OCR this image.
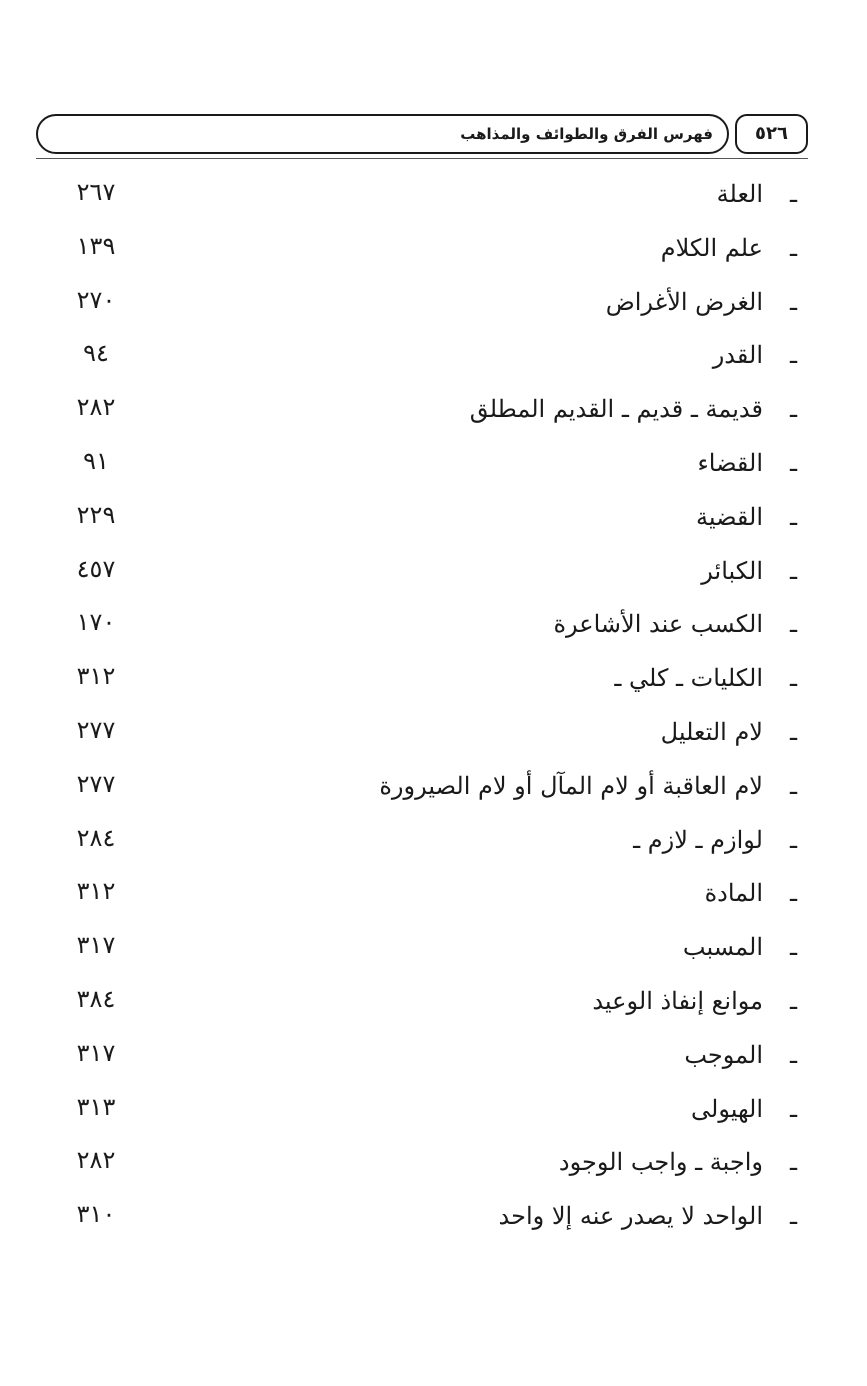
فهرس الفرق والطوائف والمذاهب	٥٢٦
ـ
العلة
٢٦٧
ـ
علم الكلام
١٣٩
ـ
الغرض الأغراض
٢٧٠
ـ
القدر
٩٤
ـ
قديمة ـ قديم ـ القديم المطلق
٢٨٢
ـ
القضاء
٩١
ـ
القضية
٢٢٩
ـ
الكبائر
٤٥٧
ـ
الكسب عند الأشاعرة
١٧٠
ـ
الكليات ـ كلي ـ
٣١٢
ـ
لام التعليل
٢٧٧
ـ
لام العاقبة أو لام المآل أو لام الصيرورة
٢٧٧
ـ
لوازم ـ لازم ـ
٢٨٤
ـ
المادة
٣١٢
ـ
المسبب
٣١٧
ـ
موانع إنفاذ الوعيد
٣٨٤
ـ
الموجب
٣١٧
ـ
الهيولى
٣١٣
ـ
واجبة ـ واجب الوجود
٢٨٢
ـ
الواحد لا يصدر عنه إلا واحد
٣١٠
